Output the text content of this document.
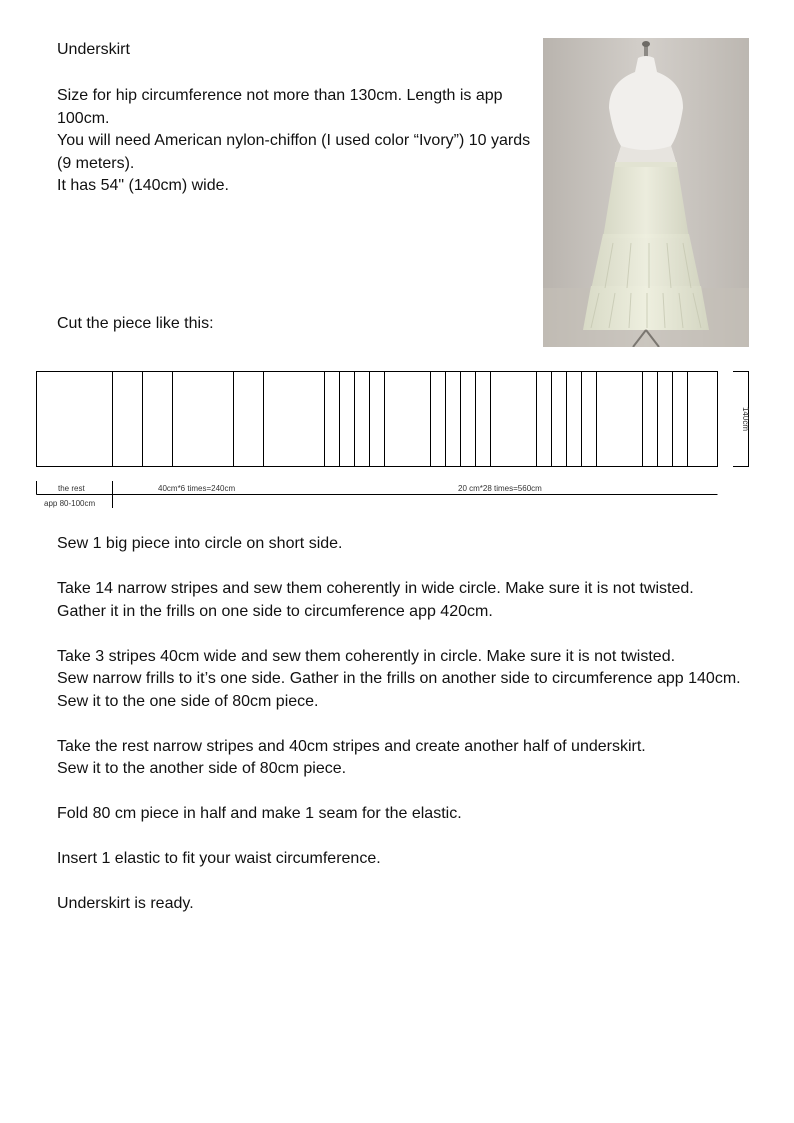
Underskirt

Size for hip circumference not more than 130cm. Length is app 100cm.

You will need American nylon-chiffon (I used color “Ivory”) 10 yards (9 meters).

It has 54" (140cm) wide.

Cut the piece like this:
140cm
the rest
app 80-100cm
40cm*6 times=240cm	20 cm*28 times=560cm

Sew 1 big piece into circle on short side.

Take 14 narrow stripes and sew them coherently in wide circle. Make sure it is not twisted.
Gather it in the frills on one side to circumference app 420cm.

Take 3 stripes 40cm wide and sew them coherently in circle. Make sure it is not twisted.
Sew narrow frills to it’s one side. Gather in the frills on another side to circumference app 140cm. Sew it to the one side of 80cm piece.

Take the rest narrow stripes and 40cm stripes and create another half of underskirt.
Sew it to the another side of 80cm piece.

Fold 80 cm piece in half and make 1 seam for the elastic.

Insert 1 elastic to fit your waist circumference.

Underskirt is ready.
